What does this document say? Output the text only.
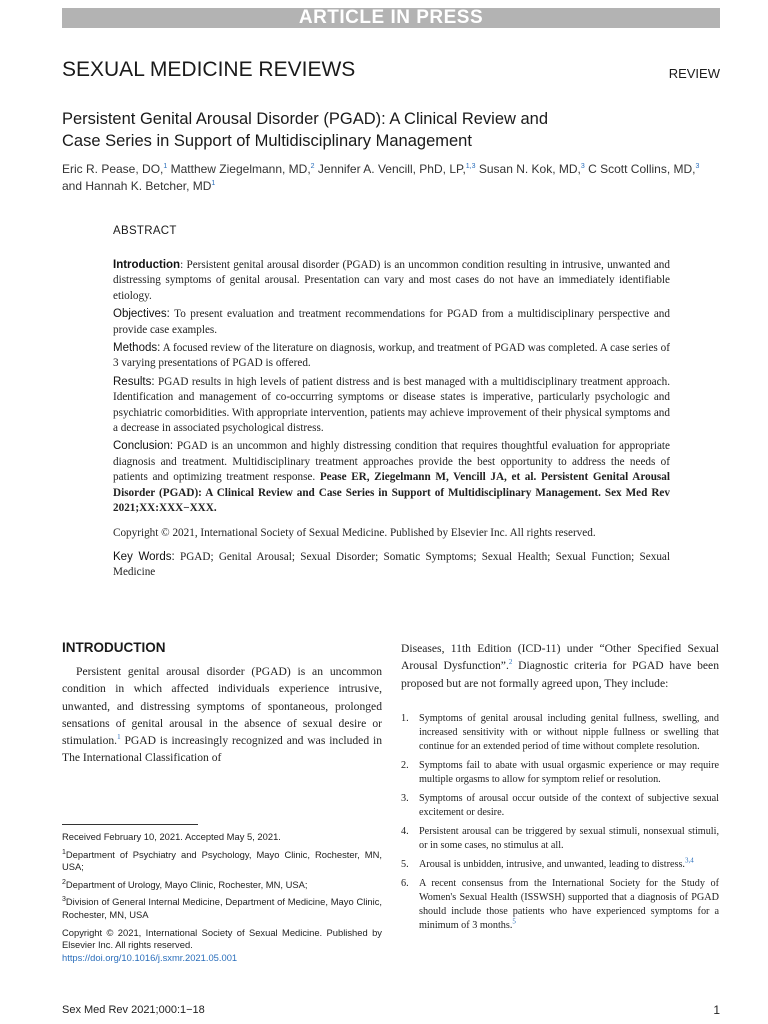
ARTICLE IN PRESS
SEXUAL MEDICINE REVIEWS	REVIEW
Persistent Genital Arousal Disorder (PGAD): A Clinical Review and
Case Series in Support of Multidisciplinary Management
Eric R. Pease, DO,$^1$ Matthew Ziegelmann, MD,$^2$ Jennifer A. Vencill, PhD, LP,$^{1,3}$ Susan N. Kok, MD,$^3$ C Scott Collins, MD,$^3$ and Hannah K. Betcher, $MD^1$
ABSTRACT

Introduction: Persistent genital arousal disorder (PGAD) is an uncommon condition resulting in intrusive, unwanted and distressing symptoms of genital arousal. Presentation can vary and most cases do not have an immediately identifiable etiology.

Objectives: To present evaluation and treatment recommendations for PGAD from a multidisciplinary perspective and provide case examples.

Methods: A focused review of the literature on diagnosis, workup, and treatment of PGAD was completed. A case series of 3 varying presentations of PGAD is offered.

Results: PGAD results in high levels of patient distress and is best managed with a multidisciplinary treatment approach. Identification and management of co-occurring symptoms or disease states is imperative, particularly psychologic and psychiatric comorbidities. With appropriate intervention, patients may achieve improvement of their physical symptoms and a decrease in associated psychological distress.

Conclusion: PGAD is an uncommon and highly distressing condition that requires thoughtful evaluation for appropriate diagnosis and treatment. Multidisciplinary treatment approaches provide the best opportunity to address the needs of patients and optimizing treatment response. Pease ER, Ziegelmann M, Vencill JA, et al. Persistent Genital Arousal Disorder (PGAD): A Clinical Review and Case Series in Support of Multidisciplinary Management. Sex Med Rev 2021;XX:XXX−XXX.

Copyright © 2021, International Society of Sexual Medicine. Published by Elsevier Inc. All rights reserved.

Key Words: PGAD; Genital Arousal; Sexual Disorder; Somatic Symptoms; Sexual Health; Sexual Function; Sexual Medicine

INTRODUCTION

Persistent genital arousal disorder (PGAD) is an uncommon condition in which affected individuals experience intrusive, unwanted, and distressing symptoms of spontaneous, prolonged sensations of genital arousal in the absence of sexual desire or stimulation.$^1$ PGAD is increasingly recognized and was included in The International Classification of

Diseases, 11th Edition (ICD-11) under “Other Specified Sexual Arousal Dysfunction”.$^2$ Diagnostic criteria for PGAD have been proposed but are not formally agreed upon, They include:

1.	Symptoms of genital arousal including genital fullness, swelling, and increased sensitivity with or without nipple fullness or swelling that continue for an extended period of time without complete resolution.
2.	Symptoms fail to abate with usual orgasmic experience or may require multiple orgasms to allow for symptom relief or resolution.
3.	Symptoms of arousal occur outside of the context of subjective sexual excitement or desire.
4.	Persistent arousal can be triggered by sexual stimuli, nonsexual stimuli, or in some cases, no stimulus at all.
5.	Arousal is unbidden, intrusive, and unwanted, leading to distress.$^{3,4}$
6.	A recent consensus from the International Society for the Study of Women's Sexual Health (ISSWSH) supported that a diagnosis of PGAD should include those patients who have experienced symptoms for a minimum of 3 months.$^5$

Received February 10, 2021. Accepted May 5, 2021.

$^1$Department of Psychiatry and Psychology, Mayo Clinic, Rochester, MN, USA;

$^2$Department of Urology, Mayo Clinic, Rochester, MN, USA;

$^3$Division of General Internal Medicine, Department of Medicine, Mayo Clinic, Rochester, MN, USA

Copyright © 2021, International Society of Sexual Medicine. Published by Elsevier Inc. All rights reserved.

https://doi.org/10.1016/j.sxmr.2021.05.001

Sex Med Rev 2021;000:1−18	1
